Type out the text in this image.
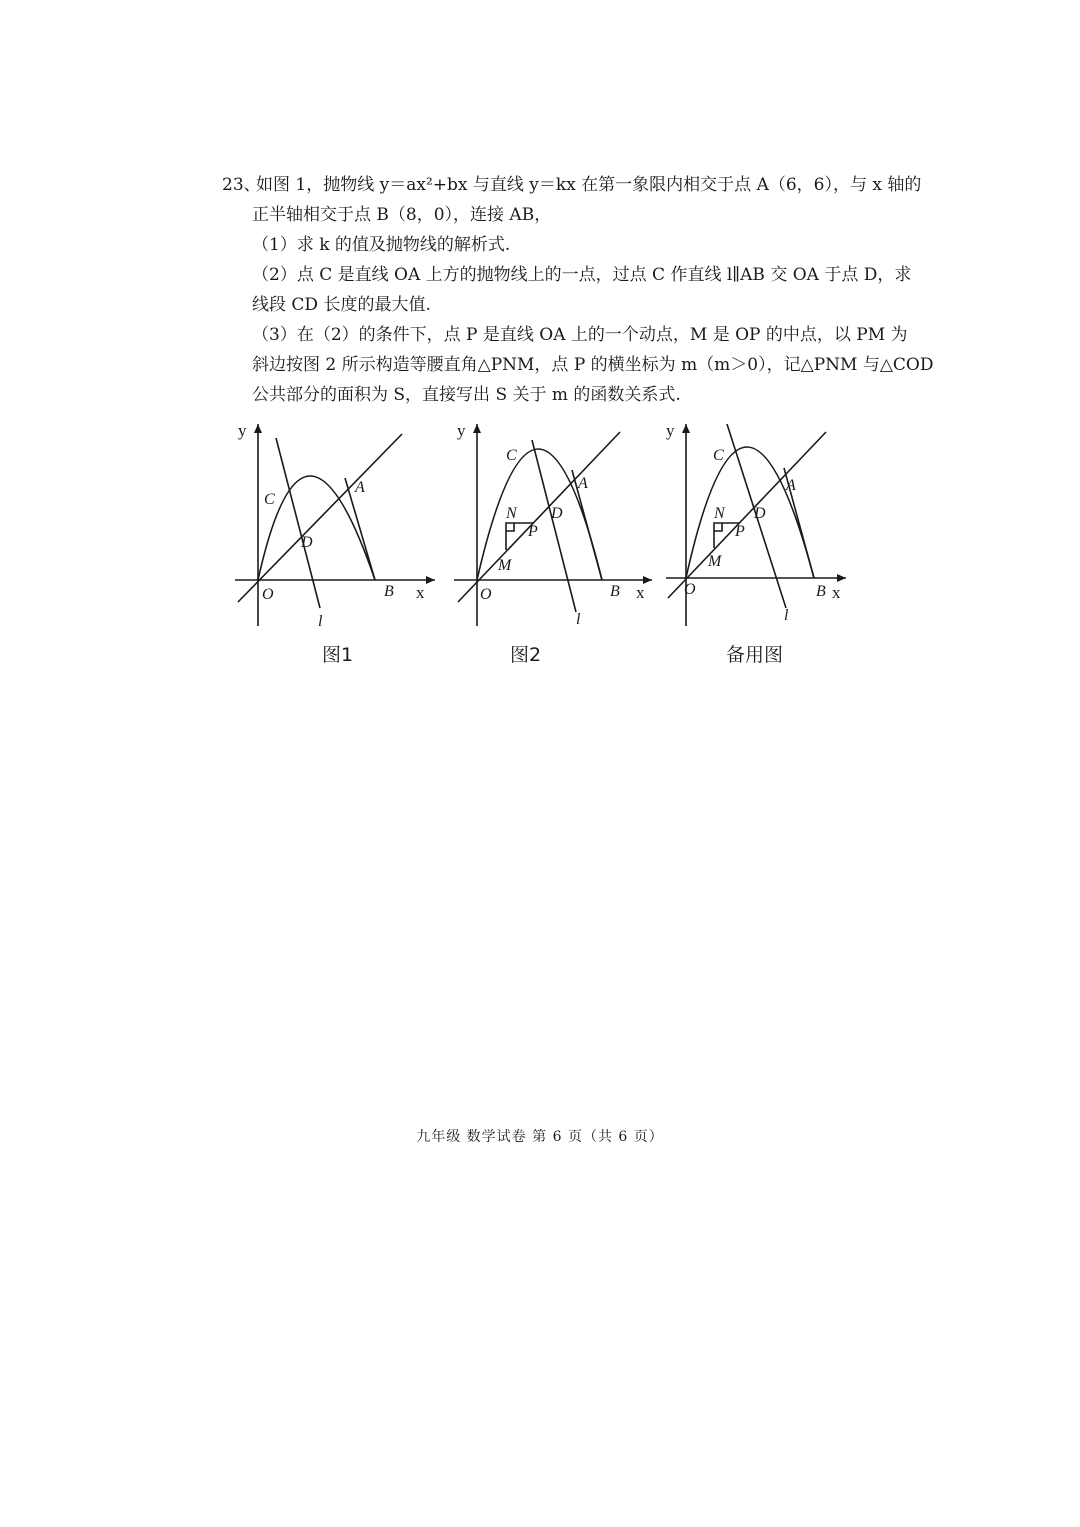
23、如图 1，抛物线 y＝ax²+bx 与直线 y＝kx 在第一象限内相交于点 A（6，6），与 x 轴的
正半轴相交于点 B（8，0），连接 AB，
（1）求 k 的值及抛物线的解析式.
（2）点 C 是直线 OA 上方的抛物线上的一点，过点 C 作直线 l∥AB 交 OA 于点 D，求
线段 CD 长度的最大值.
（3）在（2）的条件下，点 P 是直线 OA 上的一个动点，M 是 OP 的中点，以 PM 为
斜边按图 2 所示构造等腰直角△PNM，点 P 的横坐标为 m（m＞0），记△PNM 与△COD
公共部分的面积为 S，直接写出 S 关于 m 的函数关系式.
y
x
O
A
B
C
D
l
图1
y
x
O
A
B
C
D
l
N
P
M
图2
y
x
O
A
B
C
D
l
N
P
M
备用图
九年级 数学试卷 第 6 页（共 6 页）
